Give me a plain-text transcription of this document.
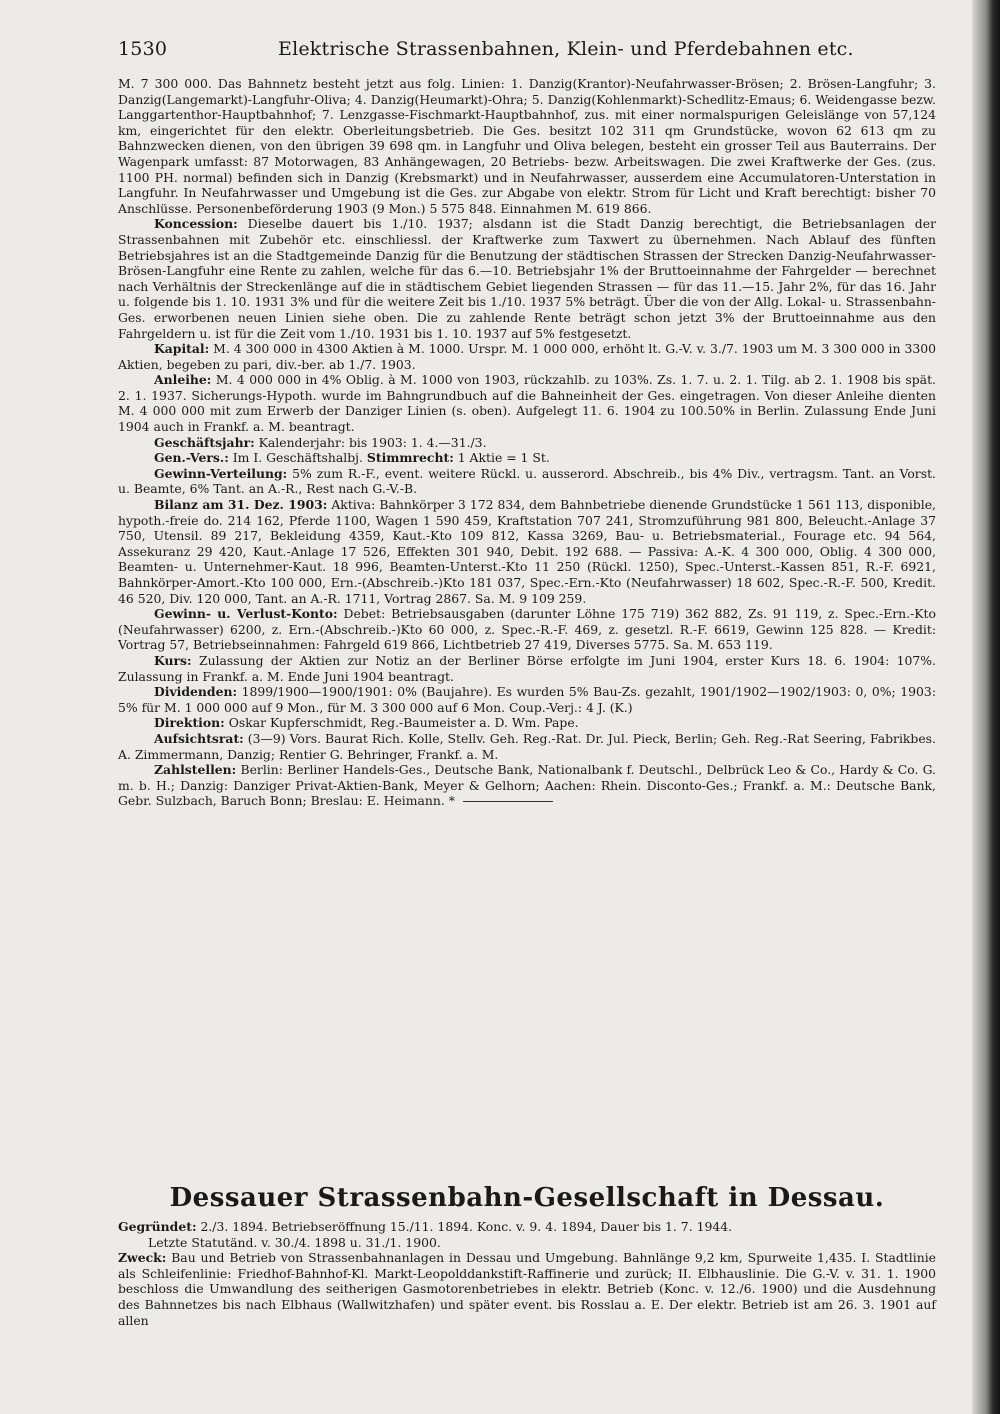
1530	Elektrische Strassenbahnen, Klein- und Pferdebahnen etc.

M. 7 300 000. Das Bahnnetz besteht jetzt aus folg. Linien: 1. Danzig(Krantor)-Neufahrwasser-Brösen; 2. Brösen-Langfuhr; 3. Danzig(Langemarkt)-Langfuhr-Oliva; 4. Danzig(Heumarkt)-Ohra; 5. Danzig(Kohlenmarkt)-Schedlitz-Emaus; 6. Weidengasse bezw. Langgartenthor-Hauptbahnhof; 7. Lenzgasse-Fischmarkt-Hauptbahnhof, zus. mit einer normalspurigen Geleislänge von 57,124 km, eingerichtet für den elektr. Oberleitungsbetrieb. Die Ges. besitzt 102 311 qm Grundstücke, wovon 62 613 qm zu Bahnzwecken dienen, von den übrigen 39 698 qm. in Langfuhr und Oliva belegen, besteht ein grosser Teil aus Bauterrains. Der Wagenpark umfasst: 87 Motorwagen, 83 Anhängewagen, 20 Betriebs- bezw. Arbeitswagen. Die zwei Kraftwerke der Ges. (zus. 1100 PH. normal) befinden sich in Danzig (Krebsmarkt) und in Neufahrwasser, ausserdem eine Accumulatoren-Unterstation in Langfuhr. In Neufahrwasser und Umgebung ist die Ges. zur Abgabe von elektr. Strom für Licht und Kraft berechtigt: bisher 70 Anschlüsse. Personenbeförderung 1903 (9 Mon.) 5 575 848. Einnahmen M. 619 866.

Koncession: Dieselbe dauert bis 1./10. 1937; alsdann ist die Stadt Danzig berechtigt, die Betriebsanlagen der Strassenbahnen mit Zubehör etc. einschliessl. der Kraftwerke zum Taxwert zu übernehmen. Nach Ablauf des fünften Betriebsjahres ist an die Stadtgemeinde Danzig für die Benutzung der städtischen Strassen der Strecken Danzig-Neufahrwasser-Brösen-Langfuhr eine Rente zu zahlen, welche für das 6.—10. Betriebsjahr 1% der Bruttoeinnahme der Fahrgelder — berechnet nach Verhältnis der Streckenlänge auf die in städtischem Gebiet liegenden Strassen — für das 11.—15. Jahr 2%, für das 16. Jahr u. folgende bis 1. 10. 1931 3% und für die weitere Zeit bis 1./10. 1937 5% beträgt. Über die von der Allg. Lokal- u. Strassenbahn-Ges. erworbenen neuen Linien siehe oben. Die zu zahlende Rente beträgt schon jetzt 3% der Bruttoeinnahme aus den Fahrgeldern u. ist für die Zeit vom 1./10. 1931 bis 1. 10. 1937 auf 5% festgesetzt.

Kapital: M. 4 300 000 in 4300 Aktien à M. 1000. Urspr. M. 1 000 000, erhöht lt. G.-V. v. 3./7. 1903 um M. 3 300 000 in 3300 Aktien, begeben zu pari, div.-ber. ab 1./7. 1903.

Anleihe: M. 4 000 000 in 4% Oblig. à M. 1000 von 1903, rückzahlb. zu 103%. Zs. 1. 7. u. 2. 1. Tilg. ab 2. 1. 1908 bis spät. 2. 1. 1937. Sicherungs-Hypoth. wurde im Bahngrundbuch auf die Bahneinheit der Ges. eingetragen. Von dieser Anleihe dienten M. 4 000 000 mit zum Erwerb der Danziger Linien (s. oben). Aufgelegt 11. 6. 1904 zu 100.50% in Berlin. Zulassung Ende Juni 1904 auch in Frankf. a. M. beantragt.

Geschäftsjahr: Kalenderjahr: bis 1903: 1. 4.—31./3.

Gen.-Vers.: Im I. Geschäftshalbj. Stimmrecht: 1 Aktie = 1 St.

Gewinn-Verteilung: 5% zum R.-F., event. weitere Rückl. u. ausserord. Abschreib., bis 4% Div., vertragsm. Tant. an Vorst. u. Beamte, 6% Tant. an A.-R., Rest nach G.-V.-B.

Bilanz am 31. Dez. 1903: Aktiva: Bahnkörper 3 172 834, dem Bahnbetriebe dienende Grundstücke 1 561 113, disponible, hypoth.-freie do. 214 162, Pferde 1100, Wagen 1 590 459, Kraftstation 707 241, Stromzuführung 981 800, Beleucht.-Anlage 37 750, Utensil. 89 217, Bekleidung 4359, Kaut.-Kto 109 812, Kassa 3269, Bau- u. Betriebsmaterial., Fourage etc. 94 564, Assekuranz 29 420, Kaut.-Anlage 17 526, Effekten 301 940, Debit. 192 688. — Passiva: A.-K. 4 300 000, Oblig. 4 300 000, Beamten- u. Unternehmer-Kaut. 18 996, Beamten-Unterst.-Kto 11 250 (Rückl. 1250), Spec.-Unterst.-Kassen 851, R.-F. 6921, Bahnkörper-Amort.-Kto 100 000, Ern.-(Abschreib.-)Kto 181 037, Spec.-Ern.-Kto (Neufahrwasser) 18 602, Spec.-R.-F. 500, Kredit. 46 520, Div. 120 000, Tant. an A.-R. 1711, Vortrag 2867. Sa. M. 9 109 259.

Gewinn- u. Verlust-Konto: Debet: Betriebsausgaben (darunter Löhne 175 719) 362 882, Zs. 91 119, z. Spec.-Ern.-Kto (Neufahrwasser) 6200, z. Ern.-(Abschreib.-)Kto 60 000, z. Spec.-R.-F. 469, z. gesetzl. R.-F. 6619, Gewinn 125 828. — Kredit: Vortrag 57, Betriebseinnahmen: Fahrgeld 619 866, Lichtbetrieb 27 419, Diverses 5775. Sa. M. 653 119.

Kurs: Zulassung der Aktien zur Notiz an der Berliner Börse erfolgte im Juni 1904, erster Kurs 18. 6. 1904: 107%. Zulassung in Frankf. a. M. Ende Juni 1904 beantragt.

Dividenden: 1899/1900—1900/1901: 0% (Baujahre). Es wurden 5% Bau-Zs. gezahlt, 1901/1902—1902/1903: 0, 0%; 1903: 5% für M. 1 000 000 auf 9 Mon., für M. 3 300 000 auf 6 Mon. Coup.-Verj.: 4 J. (K.)

Direktion: Oskar Kupferschmidt, Reg.-Baumeister a. D. Wm. Pape.

Aufsichtsrat: (3—9) Vors. Baurat Rich. Kolle, Stellv. Geh. Reg.-Rat. Dr. Jul. Pieck, Berlin; Geh. Reg.-Rat Seering, Fabrikbes. A. Zimmermann, Danzig; Rentier G. Behringer, Frankf. a. M.

Zahlstellen: Berlin: Berliner Handels-Ges., Deutsche Bank, Nationalbank f. Deutschl., Delbrück Leo & Co., Hardy & Co. G. m. b. H.; Danzig: Danziger Privat-Aktien-Bank, Meyer & Gelhorn; Aachen: Rhein. Disconto-Ges.; Frankf. a. M.: Deutsche Bank, Gebr. Sulzbach, Baruch Bonn; Breslau: E. Heimann. *

Dessauer Strassenbahn-Gesellschaft in Dessau.

Gegründet: 2./3. 1894. Betriebseröffnung 15./11. 1894. Konc. v. 9. 4. 1894, Dauer bis 1. 7. 1944.

Letzte Statutänd. v. 30./4. 1898 u. 31./1. 1900.

Zweck: Bau und Betrieb von Strassenbahnanlagen in Dessau und Umgebung. Bahnlänge 9,2 km, Spurweite 1,435. I. Stadtlinie als Schleifenlinie: Friedhof-Bahnhof-Kl. Markt-Leopolddankstift-Raffinerie und zurück; II. Elbhauslinie. Die G.-V. v. 31. 1. 1900 beschloss die Umwandlung des seitherigen Gasmotorenbetriebes in elektr. Betrieb (Konc. v. 12./6. 1900) und die Ausdehnung des Bahnnetzes bis nach Elbhaus (Wallwitzhafen) und später event. bis Rosslau a. E. Der elektr. Betrieb ist am 26. 3. 1901 auf allen
